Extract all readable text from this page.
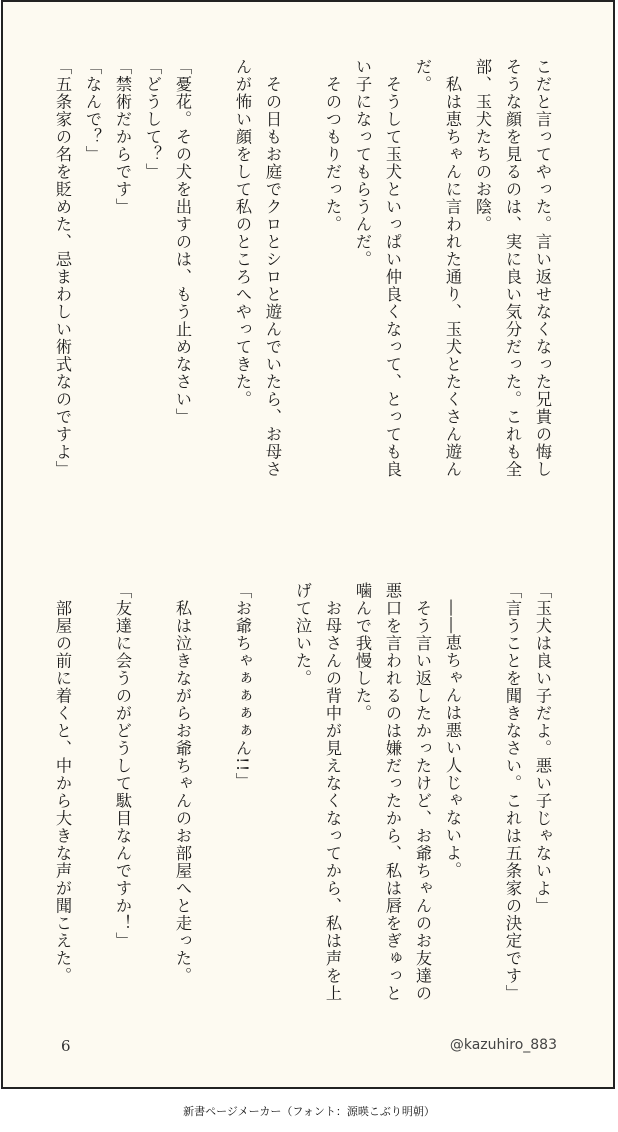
こだと言ってやった。言い返せなくなった兄貴の悔し
そうな顔を見るのは、実に良い気分だった。これも全
部、玉犬たちのお陰。
　私は恵ちゃんに言われた通り、玉犬とたくさん遊ん
だ。
　そうして玉犬といっぱい仲良くなって、とっても良
い子になってもらうんだ。
　そのつもりだった。
　その日もお庭でクロとシロと遊んでいたら、お母さ
んが怖い顔をして私のところへやってきた。
「憂花。その犬を出すのは、もう止めなさい」
「どうして？」
「禁術だからです」
「なんで？」
「五条家の名を貶めた、忌まわしい術式なのですよ」
「玉犬は良い子だよ。悪い子じゃないよ」
「言うことを聞きなさい。これは五条家の決定です」
　――恵ちゃんは悪い人じゃないよ。
　そう言い返したかったけど、お爺ちゃんのお友達の
悪口を言われるのは嫌だったから、私は唇をぎゅっと
噛んで我慢した。
　お母さんの背中が見えなくなってから、私は声を上
げて泣いた。
「お爺ちゃぁぁぁぁん!!」
　私は泣きながらお爺ちゃんのお部屋へと走った。
「友達に会うのがどうして駄目なんですか！」
　部屋の前に着くと、中から大きな声が聞こえた。
6	@kazuhiro_883
新書ページメーカー（フォント：源暎こぶり明朝）
